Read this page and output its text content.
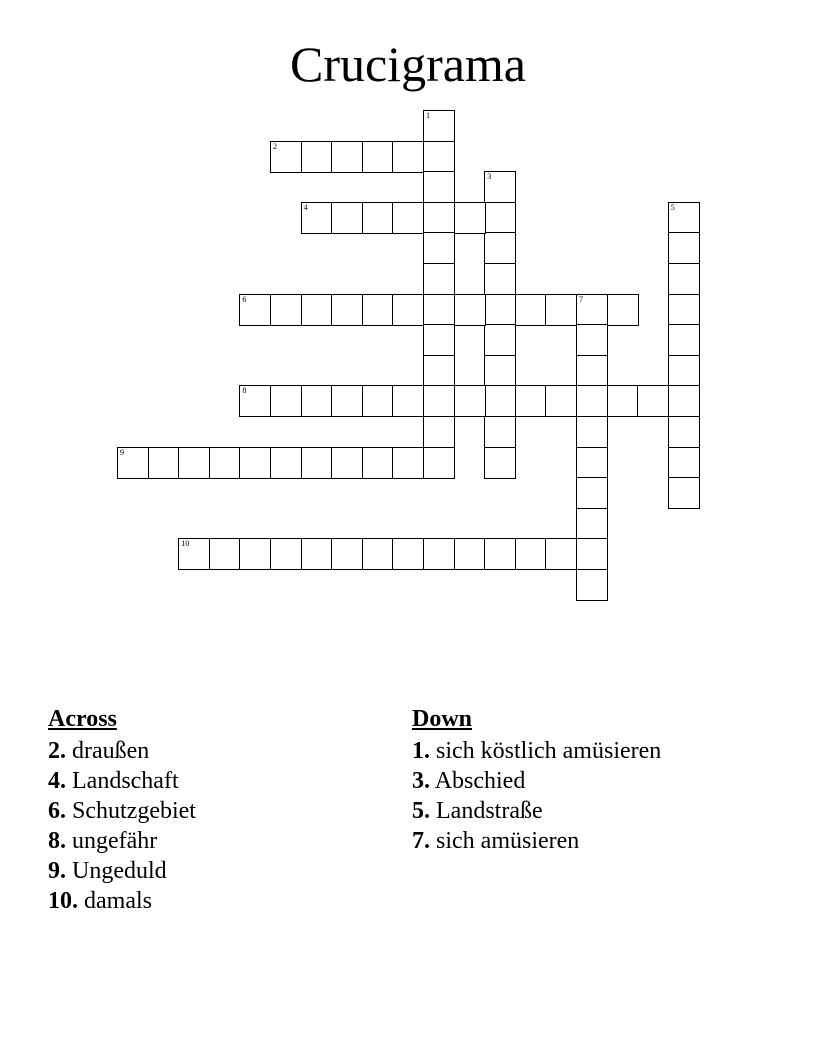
Crucigrama
1
2
3
4	5
6	7
8
9
10
Across
2. draußen
4. Landschaft
6. Schutzgebiet
8. ungefähr
9. Ungeduld
10. damals
Down
1. sich köstlich amüsieren
3. Abschied
5. Landstraße
7. sich amüsieren
